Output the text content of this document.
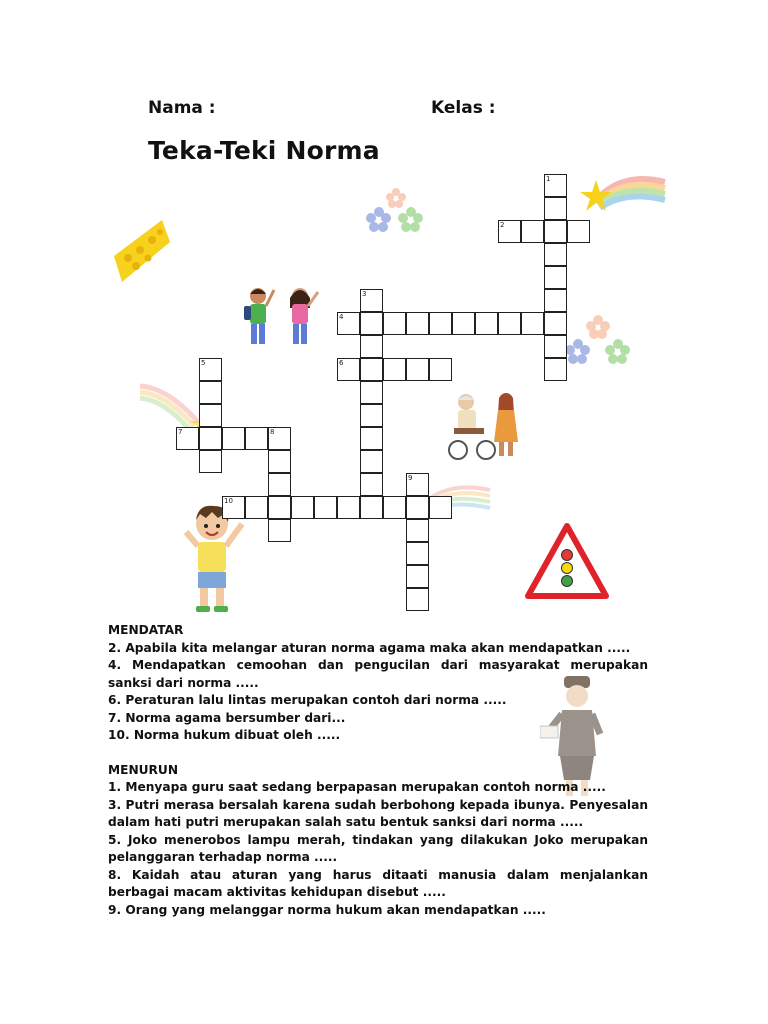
Nama :	Kelas :
Teka-Teki Norma
1
2
3
4
5	6
7	8
9
10

MENDATAR

2. Apabila kita melangar aturan norma agama maka akan mendapatkan .....

4. Mendapatkan cemoohan dan pengucilan dari masyarakat merupakan sanksi dari norma .....

6. Peraturan lalu lintas merupakan contoh dari norma .....

7. Norma agama bersumber dari...

10. Norma hukum dibuat oleh .....

MENURUN

1. Menyapa guru saat sedang berpapasan merupakan contoh norma .....

3. Putri merasa bersalah karena sudah berbohong kepada ibunya. Penyesalan dalam hati putri merupakan salah satu bentuk sanksi dari norma .....

5. Joko menerobos lampu merah, tindakan yang dilakukan Joko merupakan pelanggaran terhadap norma .....

8. Kaidah atau aturan yang harus ditaati manusia dalam menjalankan berbagai macam aktivitas kehidupan disebut .....

9. Orang yang melanggar norma hukum akan mendapatkan .....
